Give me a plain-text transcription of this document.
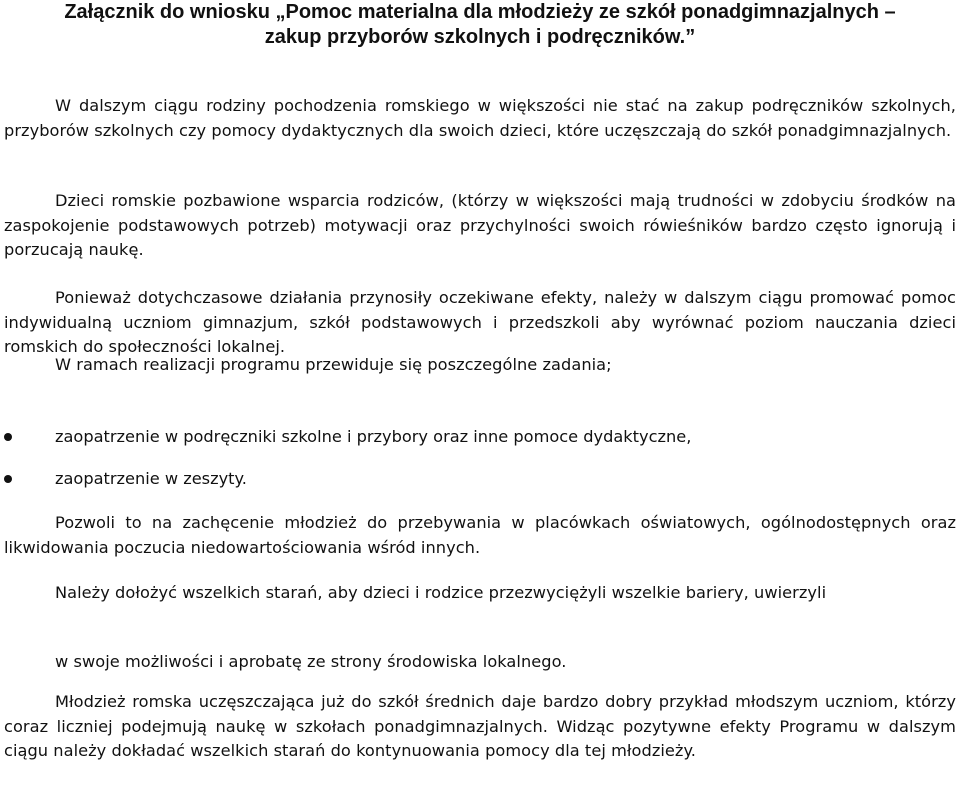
Załącznik do wniosku „Pomoc materialna dla młodzieży ze szkół ponadgimnazjalnych –
zakup przyborów szkolnych i podręczników.”

W dalszym ciągu rodziny pochodzenia romskiego w większości nie stać na zakup podręczników szkolnych, przyborów szkolnych czy pomocy dydaktycznych dla swoich dzieci, które uczęszczają do szkół ponadgimnazjalnych.

Dzieci romskie pozbawione wsparcia rodziców, (którzy w większości mają trudności w zdobyciu środków na zaspokojenie podstawowych potrzeb) motywacji oraz przychylności swoich rówieśników bardzo często ignorują i porzucają naukę.

Ponieważ dotychczasowe działania przynosiły oczekiwane efekty, należy w dalszym ciągu promować pomoc indywidualną uczniom gimnazjum, szkół podstawowych i przedszkoli aby wyrównać poziom nauczania dzieci romskich do społeczności lokalnej.

W ramach realizacji programu przewiduje się poszczególne zadania;

zaopatrzenie w podręczniki szkolne i przybory oraz inne pomoce dydaktyczne,
zaopatrzenie w zeszyty.

Pozwoli to na zachęcenie młodzież do przebywania w placówkach oświatowych, ogólnodostępnych oraz likwidowania poczucia niedowartościowania wśród innych.

Należy dołożyć wszelkich starań, aby dzieci i rodzice przezwyciężyli wszelkie bariery, uwierzyli

w swoje możliwości i aprobatę ze strony środowiska lokalnego.

Młodzież romska uczęszczająca już do szkół średnich daje bardzo dobry przykład młodszym uczniom, którzy coraz liczniej podejmują naukę w szkołach ponadgimnazjalnych. Widząc pozytywne efekty Programu w dalszym ciągu należy dokładać wszelkich starań do kontynuowania pomocy dla tej młodzieży.
